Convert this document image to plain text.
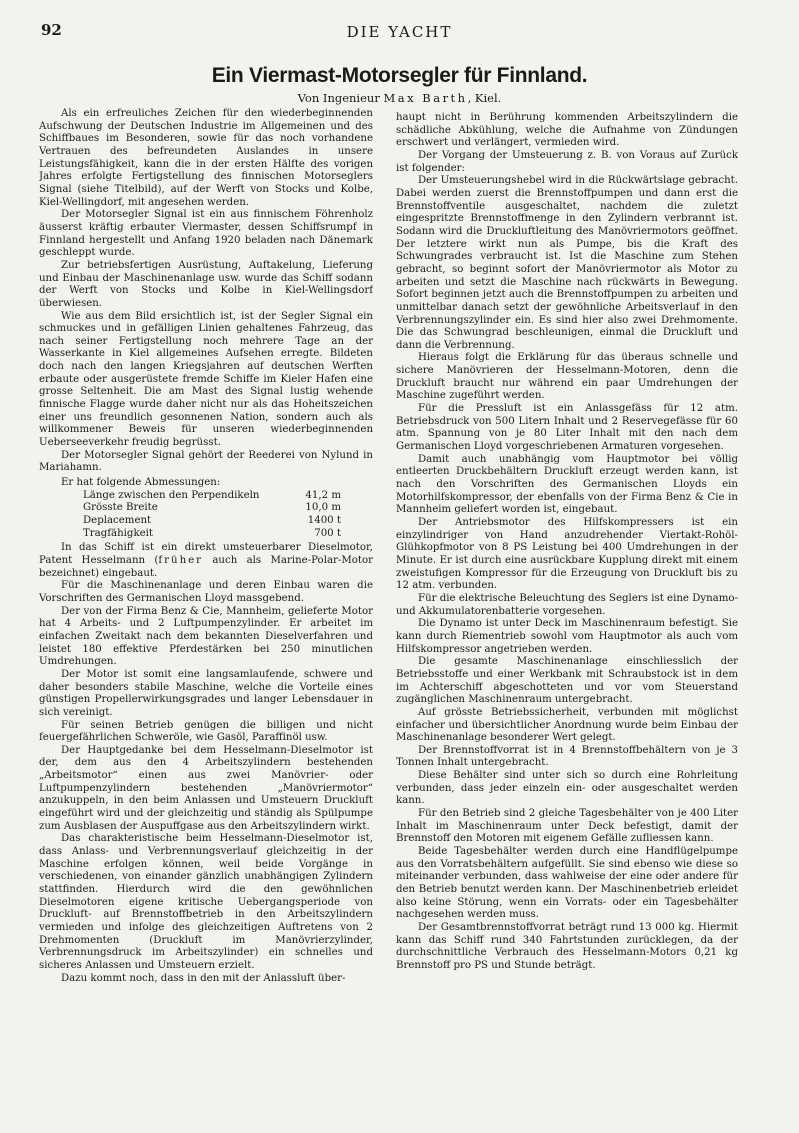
92	DIE YACHT
Ein Viermast-Motorsegler für Finnland.
Von Ingenieur Max Barth, Kiel.

Als ein erfreuliches Zeichen für den wiederbeginnenden Aufschwung der Deutschen Industrie im Allgemeinen und des Schiffbaues im Besonderen, sowie für das noch vorhandene Vertrauen des befreundeten Auslandes in unsere Leistungsfähigkeit, kann die in der ersten Hälfte des vorigen Jahres erfolgte Fertigstellung des finnischen Motorseglers Signal (siehe Titelbild), auf der Werft von Stocks und Kolbe, Kiel-Wellingdorf, mit angesehen werden.

Der Motorsegler Signal ist ein aus finnischem Föhrenholz äusserst kräftig erbauter Viermaster, dessen Schiffsrumpf in Finnland hergestellt und Anfang 1920 beladen nach Dänemark geschleppt wurde.

Zur betriebsfertigen Ausrüstung, Auftakelung, Lieferung und Einbau der Maschinenanlage usw. wurde das Schiff sodann der Werft von Stocks und Kolbe in Kiel-Wellingsdorf überwiesen.

Wie aus dem Bild ersichtlich ist, ist der Segler Signal ein schmuckes und in gefälligen Linien gehaltenes Fahrzeug, das nach seiner Fertigstellung noch mehrere Tage an der Wasserkante in Kiel allgemeines Aufsehen erregte. Bildeten doch nach den langen Kriegsjahren auf deutschen Werften erbaute oder ausgerüstete fremde Schiffe im Kieler Hafen eine grosse Seltenheit. Die am Mast des Signal lustig wehende finnische Flagge wurde daher nicht nur als das Hoheitszeichen einer uns freundlich gesonnenen Nation, sondern auch als willkommener Beweis für unseren wiederbeginnenden Ueberseeverkehr freudig begrüsst.

Der Motorsegler Signal gehört der Reederei von Nylund in Mariahamn.

Er hat folgende Abmessungen:	
Länge zwischen den Perpendikeln	41,2 m
Grösste Breite	10,0 m
Deplacement	1400 t
Tragfähigkeit	700 t

In das Schiff ist ein direkt umsteuerbarer Dieselmotor, Patent Hesselmann (früher auch als Marine-Polar-Motor bezeichnet) eingebaut.

Für die Maschinenanlage und deren Einbau waren die Vorschriften des Germanischen Lloyd massgebend.

Der von der Firma Benz & Cie, Mannheim, gelieferte Motor hat 4 Arbeits- und 2 Luftpumpenzylinder. Er arbeitet im einfachen Zweitakt nach dem bekannten Dieselverfahren und leistet 180 effektive Pferdestärken bei 250 minutlichen Umdrehungen.

Der Motor ist somit eine langsamlaufende, schwere und daher besonders stabile Maschine, welche die Vorteile eines günstigen Propellerwirkungsgrades und langer Lebensdauer in sich vereinigt.

Für seinen Betrieb genügen die billigen und nicht feuergefährlichen Schweröle, wie Gasöl, Paraffinöl usw.

Der Hauptgedanke bei dem Hesselmann-Dieselmotor ist der, dem aus den 4 Arbeitszylindern bestehenden „Arbeitsmotor“ einen aus zwei Manövrier- oder Luftpumpenzylindern bestehenden „Manövriermotor“ anzukuppeln, in den beim Anlassen und Umsteuern Druckluft eingeführt wird und der gleichzeitig und ständig als Spülpumpe zum Ausblasen der Auspuffgase aus den Arbeitszylindern wirkt.

Das charakteristische beim Hesselmann-Dieselmotor ist, dass Anlass- und Verbrennungsverlauf gleichzeitig in der Maschine erfolgen können, weil beide Vorgänge in verschiedenen, von einander gänzlich unabhängigen Zylindern stattfinden. Hierdurch wird die den gewöhnlichen Dieselmotoren eigene kritische Uebergangsperiode von Druckluft- auf Brennstoffbetrieb in den Arbeitszylindern vermieden und infolge des gleichzeitigen Auftretens von 2 Drehmomenten (Druckluft im Manövrierzylinder, Verbrennungsdruck im Arbeitszylinder) ein schnelles und sicheres Anlassen und Umsteuern erzielt.

Dazu kommt noch, dass in den mit der Anlassluft über-

haupt nicht in Berührung kommenden Arbeitszylindern die schädliche Abkühlung, welche die Aufnahme von Zündungen erschwert und verlängert, vermieden wird.

Der Vorgang der Umsteuerung z. B. von Voraus auf Zurück ist folgender:

Der Umsteuerungshebel wird in die Rückwärtslage gebracht. Dabei werden zuerst die Brennstoffpumpen und dann erst die Brennstoffventile ausgeschaltet, nachdem die zuletzt eingespritzte Brennstoffmenge in den Zylindern verbrannt ist. Sodann wird die Druckluftleitung des Manövriermotors geöffnet. Der letztere wirkt nun als Pumpe, bis die Kraft des Schwungrades verbraucht ist. Ist die Maschine zum Stehen gebracht, so beginnt sofort der Manövriermotor als Motor zu arbeiten und setzt die Maschine nach rückwärts in Bewegung. Sofort beginnen jetzt auch die Brennstoffpumpen zu arbeiten und unmittelbar danach setzt der gewöhnliche Arbeitsverlauf in den Verbrennungszylinder ein. Es sind hier also zwei Drehmomente. Die das Schwungrad beschleunigen, einmal die Druckluft und dann die Verbrennung.

Hieraus folgt die Erklärung für das überaus schnelle und sichere Manövrieren der Hesselmann-Motoren, denn die Druckluft braucht nur während ein paar Umdrehungen der Maschine zugeführt werden.

Für die Pressluft ist ein Anlassgefäss für 12 atm. Betriebsdruck von 500 Litern Inhalt und 2 Reservegefässe für 60 atm. Spannung von je 80 Liter Inhalt mit den nach dem Germanischen Lloyd vorgeschriebenen Armaturen vorgesehen.

Damit auch unabhängig vom Hauptmotor bei völlig entleerten Druckbehältern Druckluft erzeugt werden kann, ist nach den Vorschriften des Germanischen Lloyds ein Motorhilfskompressor, der ebenfalls von der Firma Benz & Cie in Mannheim geliefert worden ist, eingebaut.

Der Antriebsmotor des Hilfskompressers ist ein einzylindriger von Hand anzudrehender Viertakt-Rohöl-Glühkopfmotor von 8 PS Leistung bei 400 Umdrehungen in der Minute. Er ist durch eine ausrückbare Kupplung direkt mit einem zweistufigen Kompressor für die Erzeugung von Druckluft bis zu 12 atm. verbunden.

Für die elektrische Beleuchtung des Seglers ist eine Dynamo- und Akkumulatorenbatterie vorgesehen.

Die Dynamo ist unter Deck im Maschinenraum befestigt. Sie kann durch Riementrieb sowohl vom Hauptmotor als auch vom Hilfskompressor angetrieben werden.

Die gesamte Maschinenanlage einschliesslich der Betriebsstoffe und einer Werkbank mit Schraubstock ist in dem im Achterschiff abgeschotteten und vor vom Steuerstand zugänglichen Maschinenraum untergebracht.

Auf grösste Betriebssicherheit, verbunden mit möglichst einfacher und übersichtlicher Anordnung wurde beim Einbau der Maschinenanlage besonderer Wert gelegt.

Der Brennstoffvorrat ist in 4 Brennstoffbehältern von je 3 Tonnen Inhalt untergebracht.

Diese Behälter sind unter sich so durch eine Rohrleitung verbunden, dass jeder einzeln ein- oder ausgeschaltet werden kann.

Für den Betrieb sind 2 gleiche Tagesbehälter von je 400 Liter Inhalt im Maschinenraum unter Deck befestigt, damit der Brennstoff den Motoren mit eigenem Gefälle zufliessen kann.

Beide Tagesbehälter werden durch eine Handflügelpumpe aus den Vorratsbehältern aufgefüllt. Sie sind ebenso wie diese so miteinander verbunden, dass wahlweise der eine oder andere für den Betrieb benutzt werden kann. Der Maschinenbetrieb erleidet also keine Störung, wenn ein Vorrats- oder ein Tagesbehälter nachgesehen werden muss.

Der Gesamtbrennstoffvorrat beträgt rund 13 000 kg. Hiermit kann das Schiff rund 340 Fahrtstunden zurücklegen, da der durchschnittliche Verbrauch des Hesselmann-Motors 0,21 kg Brennstoff pro PS und Stunde beträgt.
